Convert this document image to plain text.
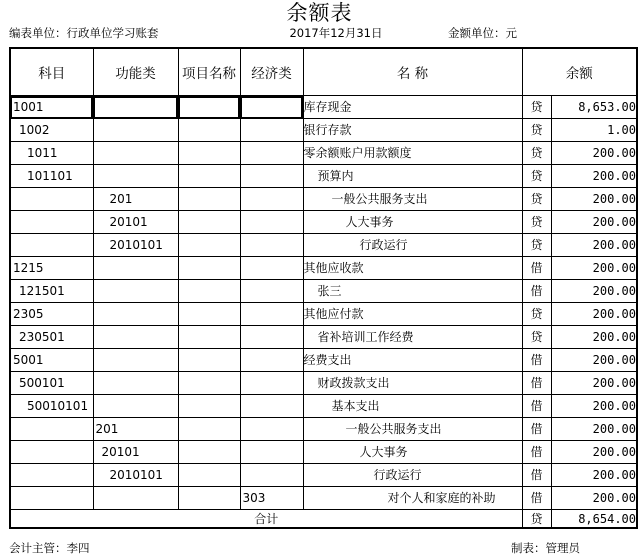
余额表
编表单位：行政单位学习账套	2017年12月31日	金额单位：元
科目	功能类	项目名称	经济类	名 称	余额	
1001				库存现金	贷	8,653.00
1002				银行存款	贷	1.00
1011				零余额账户用款额度	贷	200.00
101101				预算内	贷	200.00
	201			一般公共服务支出	贷	200.00
	20101			人大事务	贷	200.00
	2010101			行政运行	贷	200.00
1215				其他应收款	借	200.00
121501				张三	借	200.00
2305				其他应付款	贷	200.00
230501				省补培训工作经费	贷	200.00
5001				经费支出	借	200.00
500101				财政拨款支出	借	200.00
50010101				基本支出	借	200.00
	201			一般公共服务支出	借	200.00
	20101			人大事务	借	200.00
	2010101			行政运行	借	200.00
			303	对个人和家庭的补助	借	200.00
合计					贷	8,654.00
会计主管：李四	制表：管理员
